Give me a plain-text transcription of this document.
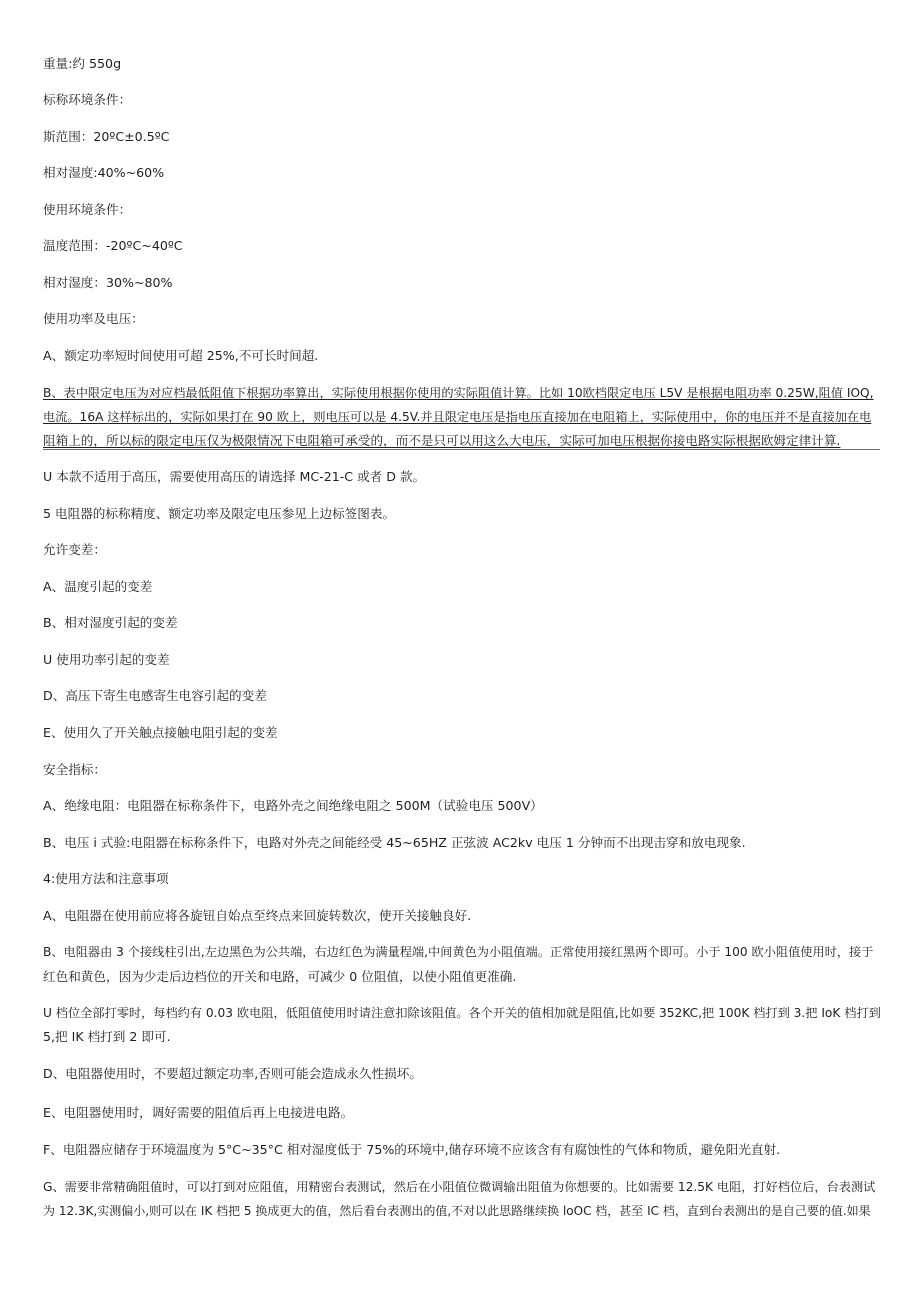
重量:约 550g
标称环境条件：
斯范围：20ºC±0.5ºC
相对湿度:40%~60%
使用环境条件：
温度范围：-20ºC~40ºC
相对湿度：30%~80%
使用功率及电压：
A、额定功率短时间使用可超 25%,不可长时间超.
B、表中限定电压为对应档最低阻值下根据功率算出，实际使用根据你使用的实际阻值计算。比如 10欧档限定电压 L5V 是根据电阻功率 0.25W,阻值 IOQ,
电流。16A 这样标出的，实际如果打在 90 欧上，则电压可以是 4.5V.并且限定电压是指电压直接加在电阻箱上，实际使用中，你的电压并不是直接加在电
阻箱上的，所以标的限定电压仅为极限情况下电阻箱可承受的，而不是只可以用这么大电压，实际可加电压根据你接电路实际根据欧姆定律计算.
U 本款不适用于高压，需要使用高压的请选择 MC-21-C 或者 D 款。
5 电阻器的标称精度、额定功率及限定电压参见上边标签图表。
允许变差：
A、温度引起的变差
B、相对湿度引起的变差
U 使用功率引起的变差
D、高压下寄生电感寄生电容引起的变差
E、使用久了开关触点接触电阻引起的变差
安全指标：
A、绝缘电阻：电阻器在标称条件下，电路外壳之间绝缘电阻之 500M（试验电压 500V）
B、电压 i 式验:电阻器在标称条件下，电路对外壳之间能经受 45~65HZ 正弦波 AC2kv 电压 1 分钟而不出现击穿和放电现象.
4:使用方法和注意事项
A、电阻器在使用前应将各旋钮自始点至终点来回旋转数次，使开关接触良好.
B、电阻器由 3 个接线柱引出,左边黑色为公共端，右边红色为满量程端,中间黄色为小阻值端。正常使用接红黑两个即可。小于 100 欧小阻值使用时，接于
红色和黄色，因为少走后边档位的开关和电路，可减少 0 位阻值，以使小阻值更准确.
U 档位全部打零时，每档约有 0.03 欧电阻，低阻值使用时请注意扣除该阻值。各个开关的值相加就是阻值,比如要 352KC,把 100K 档打到 3.把 IoK 档打到
5,把 IK 档打到 2 即可.
D、电阻器使用时，不要超过额定功率,否则可能会造成永久性损坏。
E、电阻器使用时，调好需要的阻值后再上电接进电路。
F、电阻器应储存于环境温度为 5°C~35°C 相对湿度低于 75%的环境中,储存环境不应该含有有腐蚀性的气体和物质，避免阳光直射.
G、需要非常精确阻值时，可以打到对应阻值，用精密台表测试，然后在小阻值位微调输出阻值为你想要的。比如需要 12.5K 电阻，打好档位后，台表测试
为 12.3K,实测偏小,则可以在 IK 档把 5 换成更大的值，然后看台表测出的值,不对以此思路继续换 loOC 档，甚至 IC 档，直到台表测出的是自己要的值.如果
